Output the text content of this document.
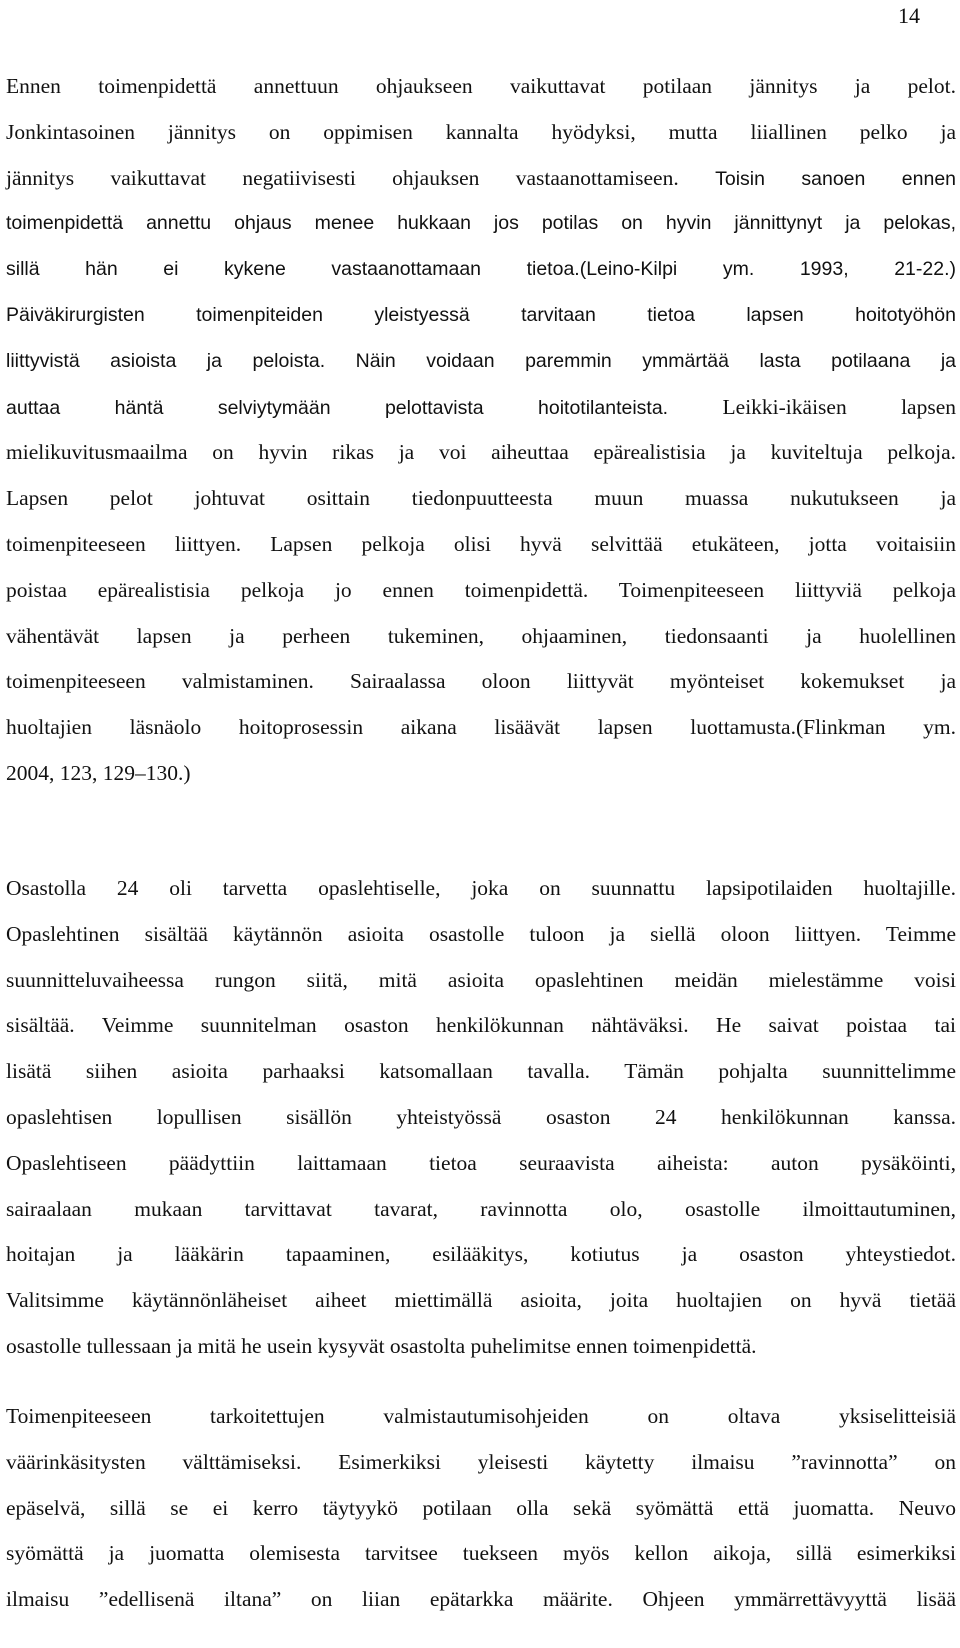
14
Ennen toimenpidettä annettuun ohjaukseen vaikuttavat potilaan jännitys ja pelot.
Jonkintasoinen jännitys on oppimisen kannalta hyödyksi, mutta liiallinen pelko ja
jännitys vaikuttavat negatiivisesti ohjauksen vastaanottamiseen. Toisin sanoen ennen
toimenpidettä annettu ohjaus menee hukkaan jos potilas on hyvin jännittynyt ja pelokas,
sillä hän ei kykene vastaanottamaan tietoa.(Leino-Kilpi ym. 1993, 21-22.)
Päiväkirurgisten toimenpiteiden yleistyessä tarvitaan tietoa lapsen hoitotyöhön
liittyvistä asioista ja peloista. Näin voidaan paremmin ymmärtää lasta potilaana ja
auttaa häntä selviytymään pelottavista hoitotilanteista. Leikki-ikäisen lapsen
mielikuvitusmaailma on hyvin rikas ja voi aiheuttaa epärealistisia ja kuviteltuja pelkoja.
Lapsen pelot johtuvat osittain tiedonpuutteesta muun muassa nukutukseen ja
toimenpiteeseen liittyen. Lapsen pelkoja olisi hyvä selvittää etukäteen, jotta voitaisiin
poistaa epärealistisia pelkoja jo ennen toimenpidettä. Toimenpiteeseen liittyviä pelkoja
vähentävät lapsen ja perheen tukeminen, ohjaaminen, tiedonsaanti ja huolellinen
toimenpiteeseen valmistaminen. Sairaalassa oloon liittyvät myönteiset kokemukset ja
huoltajien läsnäolo hoitoprosessin aikana lisäävät lapsen luottamusta.(Flinkman ym.
2004, 123, 129–130.)
Osastolla 24 oli tarvetta opaslehtiselle, joka on suunnattu lapsipotilaiden huoltajille.
Opaslehtinen sisältää käytännön asioita osastolle tuloon ja siellä oloon liittyen. Teimme
suunnitteluvaiheessa rungon siitä, mitä asioita opaslehtinen meidän mielestämme voisi
sisältää. Veimme suunnitelman osaston henkilökunnan nähtäväksi. He saivat poistaa tai
lisätä siihen asioita parhaaksi katsomallaan tavalla. Tämän pohjalta suunnittelimme
opaslehtisen lopullisen sisällön yhteistyössä osaston 24 henkilökunnan kanssa.
Opaslehtiseen päädyttiin laittamaan tietoa seuraavista aiheista: auton pysäköinti,
sairaalaan mukaan tarvittavat tavarat, ravinnotta olo, osastolle ilmoittautuminen,
hoitajan ja lääkärin tapaaminen, esilääkitys, kotiutus ja osaston yhteystiedot.
Valitsimme käytännönläheiset aiheet miettimällä asioita, joita huoltajien on hyvä tietää
osastolle tullessaan ja mitä he usein kysyvät osastolta puhelimitse ennen toimenpidettä.
Toimenpiteeseen tarkoitettujen valmistautumisohjeiden on oltava yksiselitteisiä
väärinkäsitysten välttämiseksi. Esimerkiksi yleisesti käytetty ilmaisu ”ravinnotta” on
epäselvä, sillä se ei kerro täytyykö potilaan olla sekä syömättä että juomatta. Neuvo
syömättä ja juomatta olemisesta tarvitsee tuekseen myös kellon aikoja, sillä esimerkiksi
ilmaisu ”edellisenä iltana” on liian epätarkka määrite. Ohjeen ymmärrettävyyttä lisää
